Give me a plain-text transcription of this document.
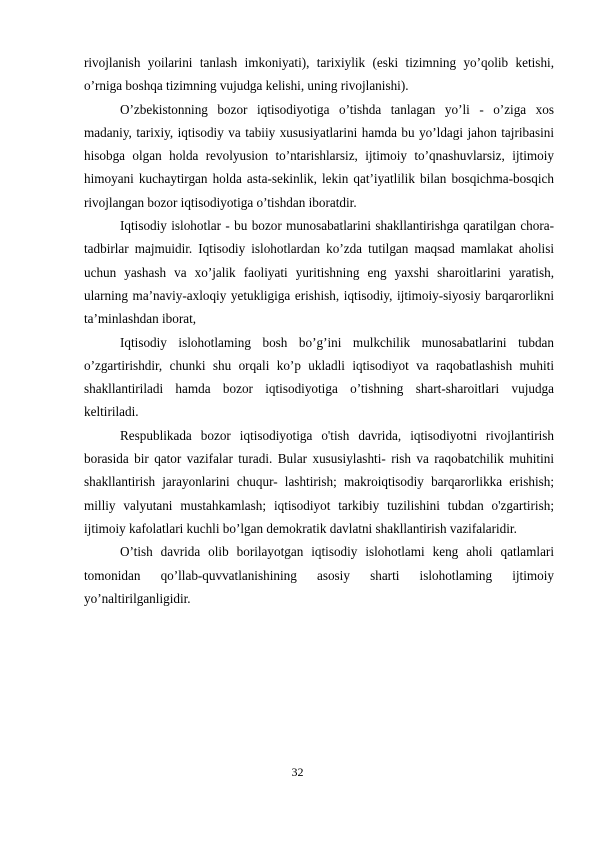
rivojlanish yoilarini tanlash imkoniyati), tarixiylik (eski tizimning yo’qolib ketishi, o’rniga boshqa tizimning vujudga kelishi, uning rivojlanishi).

O’zbekistonning bozor iqtisodiyotiga o’tishda tanlagan yo’li - o’ziga xos madaniy, tarixiy, iqtisodiy va tabiiy xususiyatlarini hamda bu yo’ldagi jahon tajribasini hisobga olgan holda revolyusion to’ntarishlarsiz, ijtimoiy to’qnashuvlarsiz, ijtimoiy himoyani kuchaytirgan holda asta-sekinlik, lekin qat’iyatlilik bilan bosqichma-bosqich rivojlangan bozor iqtisodiyotiga o’tishdan iboratdir.

Iqtisodiy islohotlar - bu bozor munosabatlarini shakllantirishga qaratilgan chora-tadbirlar majmuidir. Iqtisodiy islohotlardan ko’zda tutilgan maqsad mamlakat aholisi uchun yashash va xo’jalik faoliyati yuritishning eng yaxshi sharoitlarini yaratish, ularning ma’naviy-axloqiy yetukligiga erishish, iqtisodiy, ijtimoiy-siyosiy barqarorlikni ta’minlashdan iborat,

Iqtisodiy islohotlaming bosh bo’g’ini mulkchilik munosabatlarini tubdan o’zgartirishdir, chunki shu orqali ko’p ukladli iqtisodiyot va raqobatlashish muhiti shakllantiriladi hamda bozor iqtisodiyotiga o’tishning shart-sharoitlari vujudga keltiriladi.

Respublikada bozor iqtisodiyotiga o'tish davrida, iqtisodiyotni rivojlantirish borasida bir qator vazifalar turadi. Bular xususiylashti- rish va raqobatchilik muhitini shakllantirish jarayonlarini chuqur- lashtirish; makroiqtisodiy barqarorlikka erishish; milliy valyutani mustahkamlash; iqtisodiyot tarkibiy tuzilishini tubdan o'zgartirish; ijtimoiy kafolatlari kuchli bo’lgan demokratik davlatni shakllantirish vazifalaridir.

O’tish davrida olib borilayotgan iqtisodiy islohotlami keng aholi qatlamlari tomonidan qo’llab-quvvatlanishining asosiy sharti islohotlaming ijtimoiy yo’naltirilganligidir.

32
